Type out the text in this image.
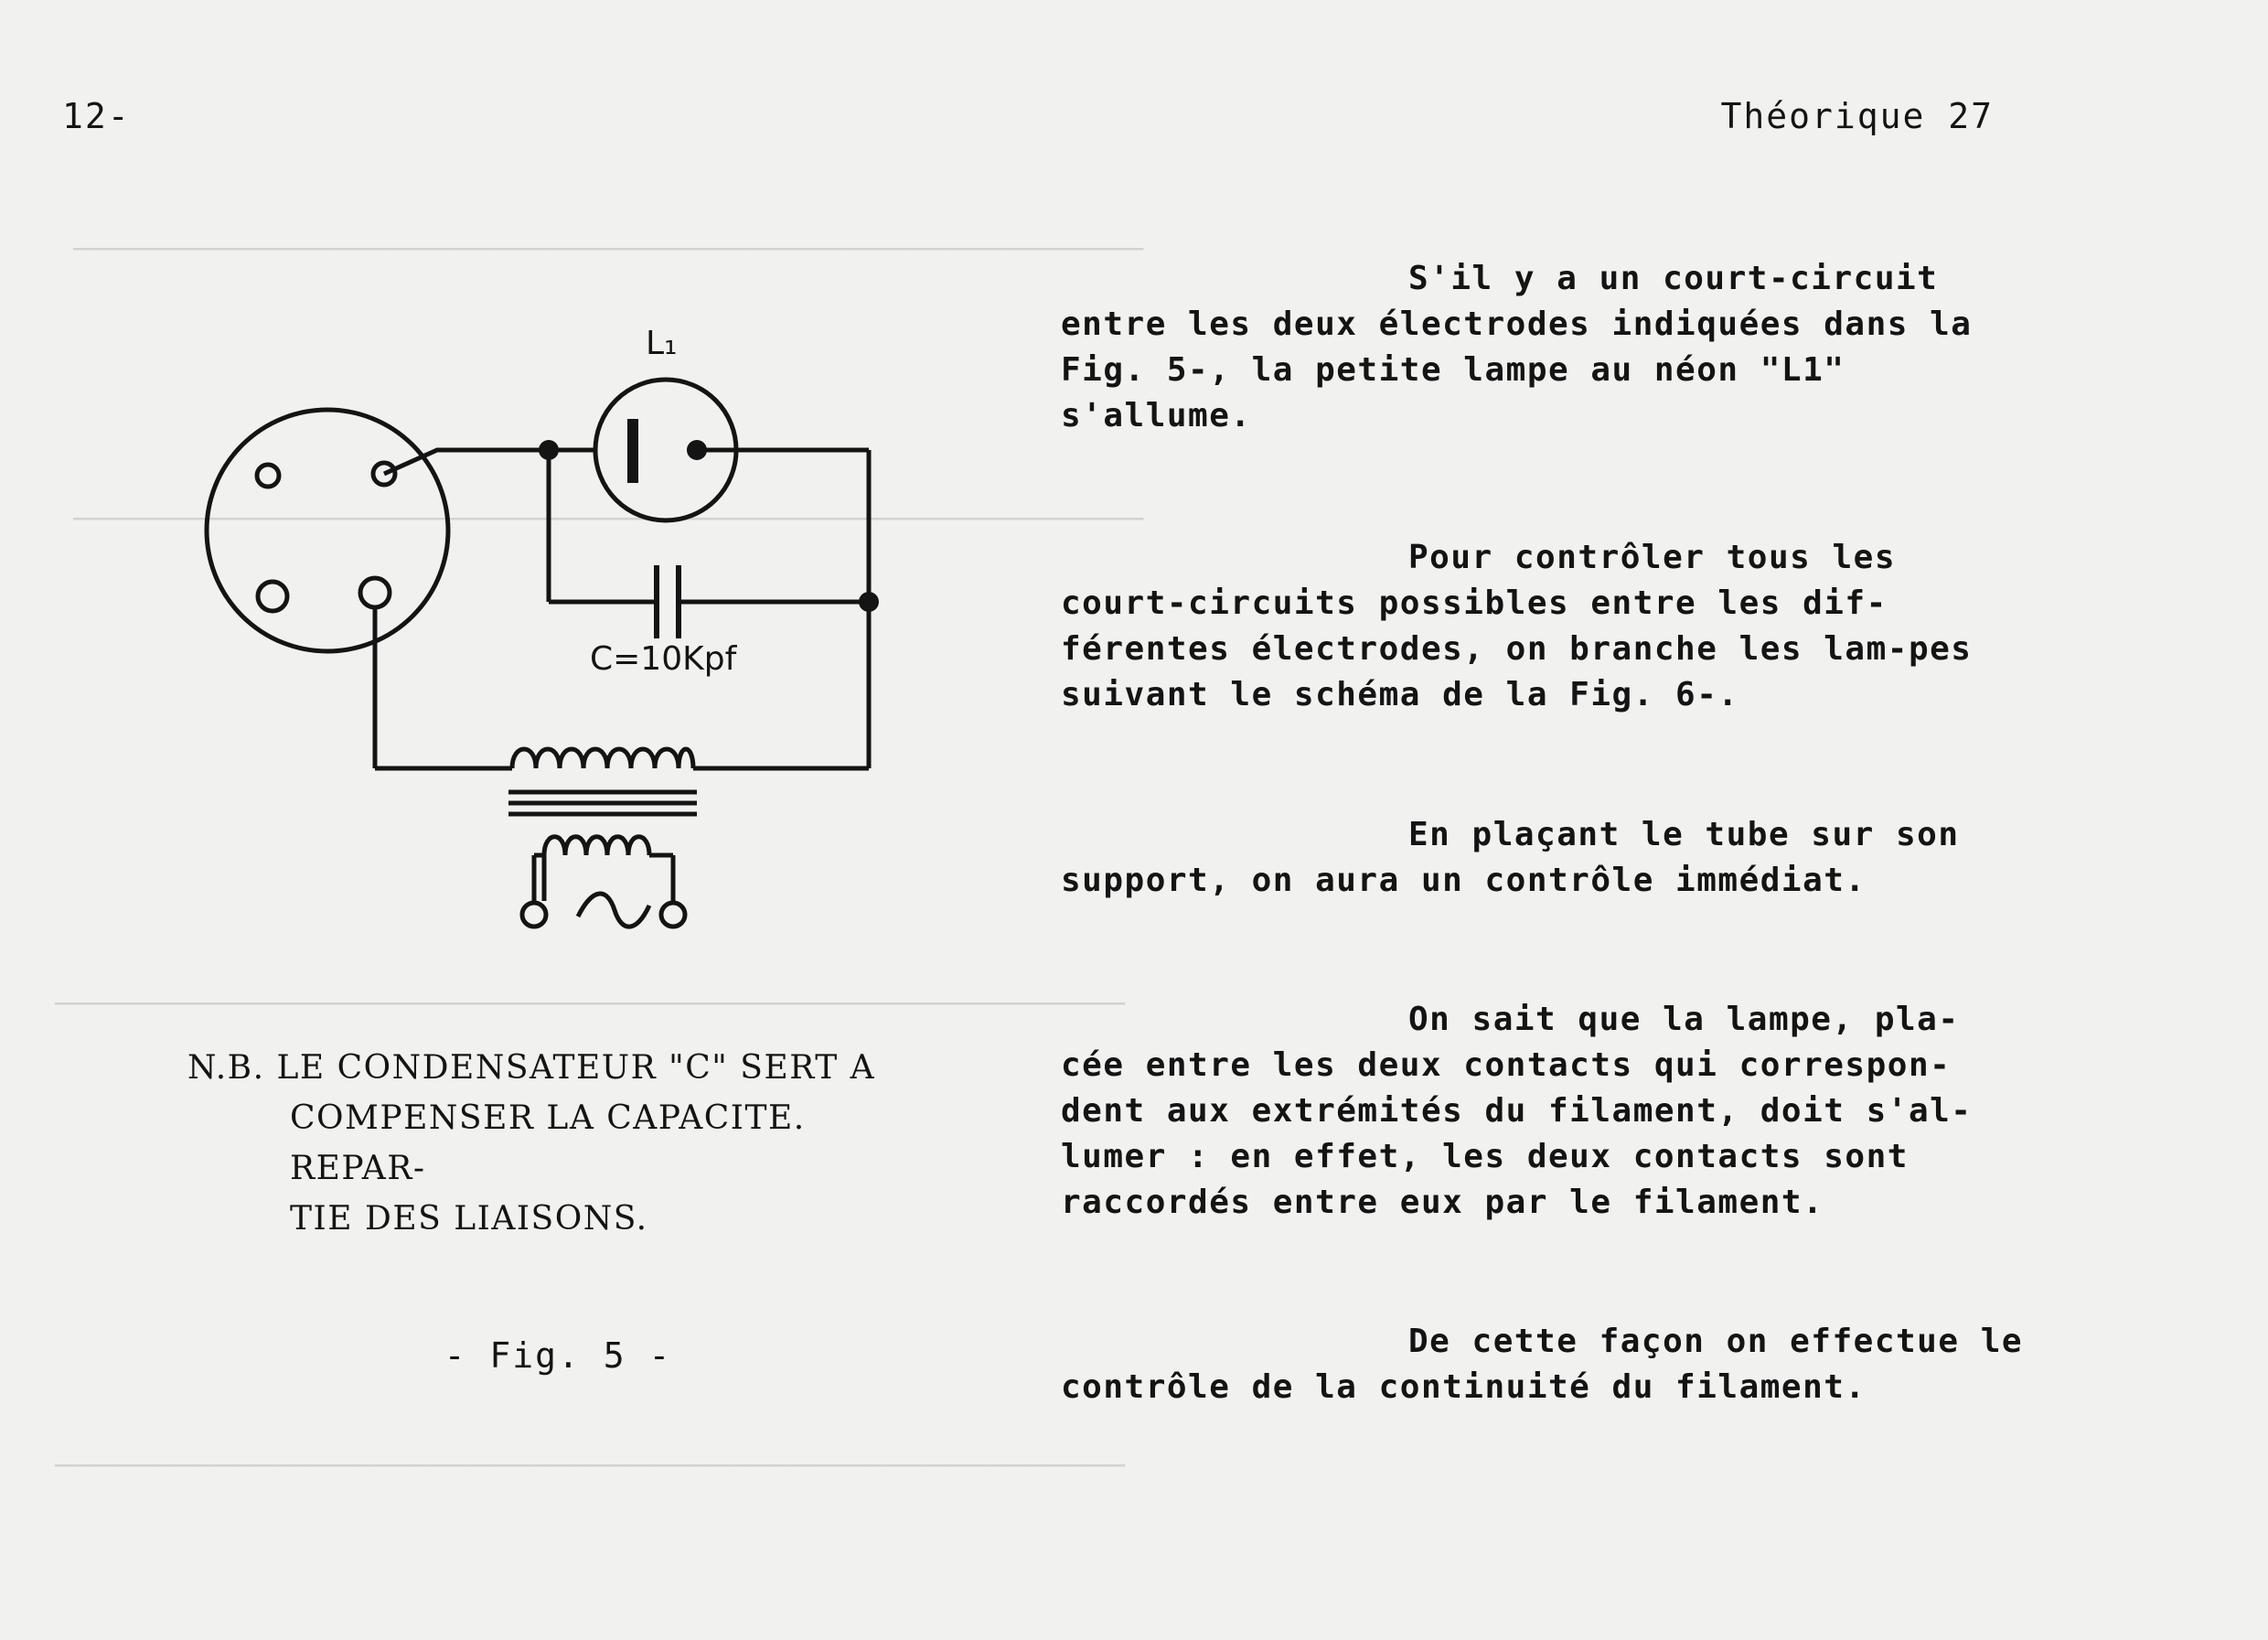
——————————————————————————————————————————————————————
——————————————————————————————————————————————————————
——————————————————————————————————————————————————————
——————————————————————————————————————————————————————
12-	Théorique 27
L₁
C=10Kpf

N.B. LE CONDENSATEUR "C" SERT A
COMPENSER LA CAPACITE. REPAR-
TIE DES LIAISONS.

- Fig. 5 -

S'il y a un court-circuit entre les deux électrodes indiquées dans la Fig. 5-, la petite lampe au néon "L1" s'allume.

Pour contrôler tous les court-circuits possibles entre les dif-férentes électrodes, on branche les lam-pes suivant le schéma de la Fig. 6-.

En plaçant le tube sur son support, on aura un contrôle immédiat.

On sait que la lampe, pla- cée entre les deux contacts qui correspon-dent aux extrémités du filament, doit s'al-lumer : en effet, les deux contacts sont raccordés entre eux par le filament.

De cette façon on effectue le contrôle de la continuité du filament.
